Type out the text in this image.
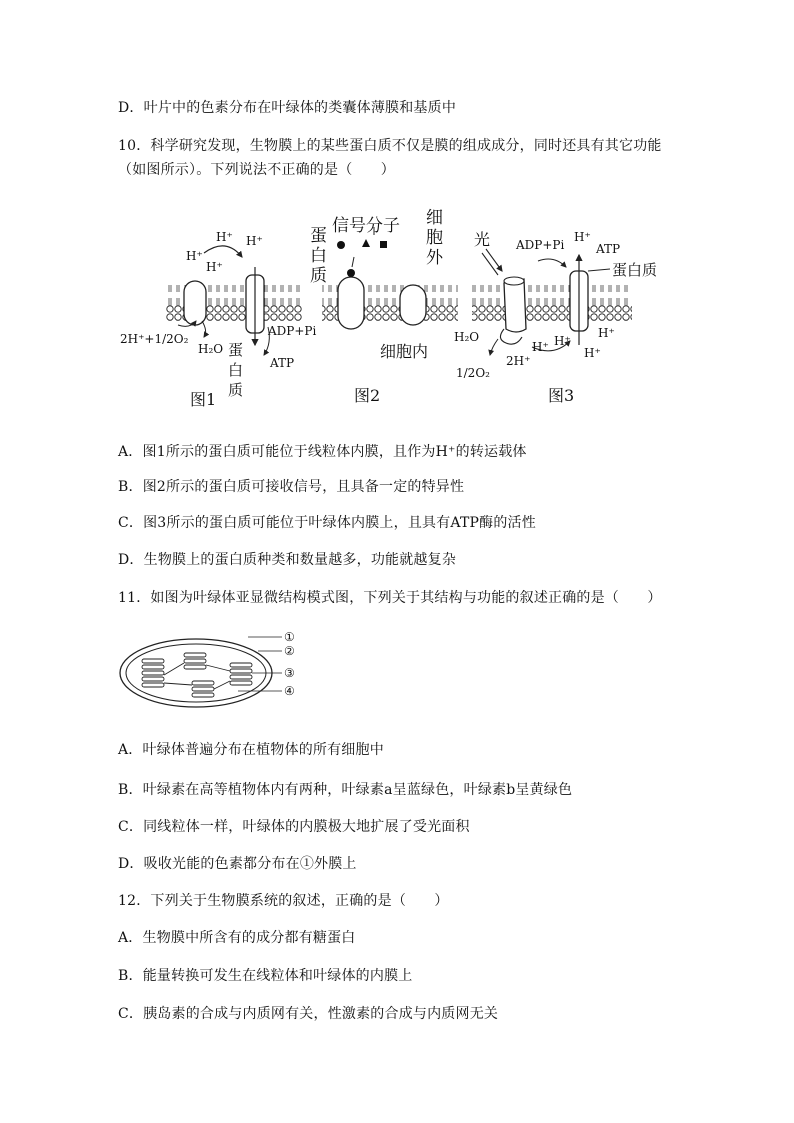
D．叶片中的色素分布在叶绿体的类囊体薄膜和基质中
10．科学研究发现，生物膜上的某些蛋白质不仅是膜的组成成分，同时还具有其它功能
（如图所示）。下列说法不正确的是（　　）
H⁺
H⁺
H⁺
H⁺
2H⁺+1/2O₂
H₂O
ADP+Pi
ATP
蛋
白
质
图1
蛋
白
质
信号分子 细
胞
外
细胞内
图2
光 ADP+Pi
H⁺
ATP
蛋白质
H₂O
1/2O₂
2H⁺
H⁺ H⁺
H⁺
H⁺
图3
A．图1所示的蛋白质可能位于线粒体内膜，且作为H⁺的转运载体
B．图2所示的蛋白质可接收信号，且具备一定的特异性
C．图3所示的蛋白质可能位于叶绿体内膜上，且具有ATP酶的活性
D．生物膜上的蛋白质种类和数量越多，功能就越复杂
11．如图为叶绿体亚显微结构模式图，下列关于其结构与功能的叙述正确的是（　　）
①
②
③
④
A．叶绿体普遍分布在植物体的所有细胞中
B．叶绿素在高等植物体内有两种，叶绿素a呈蓝绿色，叶绿素b呈黄绿色
C．同线粒体一样，叶绿体的内膜极大地扩展了受光面积
D．吸收光能的色素都分布在①外膜上
12．下列关于生物膜系统的叙述，正确的是（　　）
A．生物膜中所含有的成分都有糖蛋白
B．能量转换可发生在线粒体和叶绿体的内膜上
C．胰岛素的合成与内质网有关，性激素的合成与内质网无关
